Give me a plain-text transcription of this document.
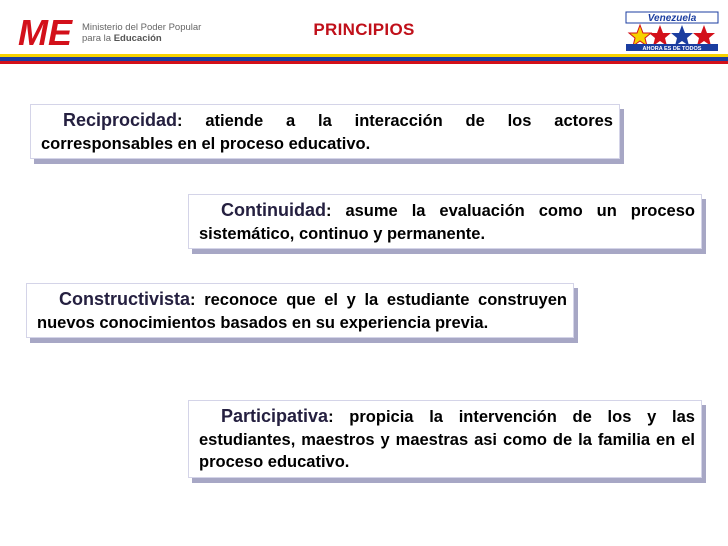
ME Ministerio del Poder Popular
para la Educación	PRINCIPIOS
Venezuela
AHORA ES DE TODOS
Reciprocidad: atiende a la interacción de los actores corresponsables en el proceso educativo.
Continuidad: asume la evaluación como un proceso sistemático, continuo y permanente.
Constructivista: reconoce que el y la estudiante construyen nuevos conocimientos basados en su experiencia previa.
Participativa: propicia la intervención de los y las estudiantes, maestros y maestras asi como de la familia en el proceso educativo.
